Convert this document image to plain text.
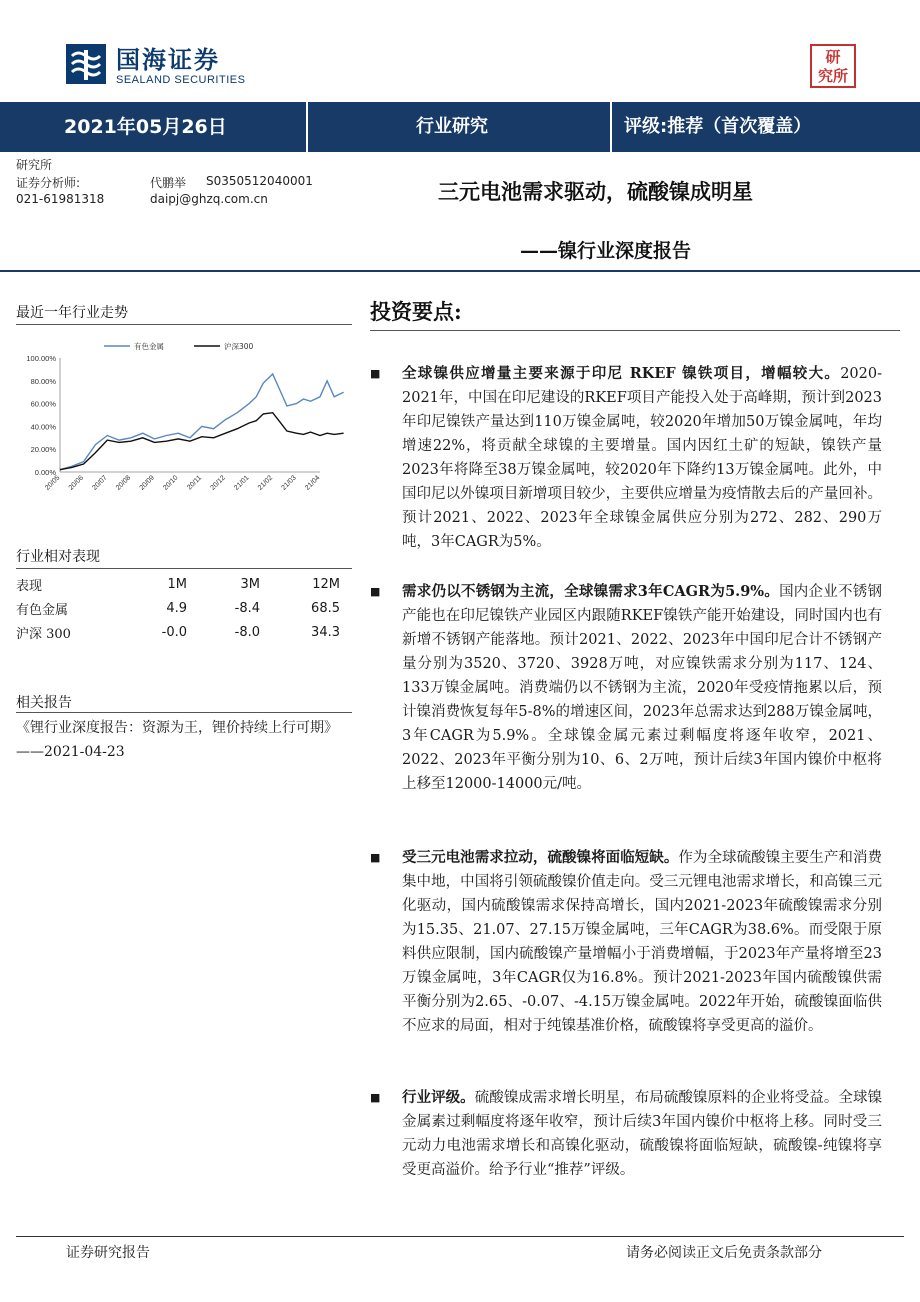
国海证券
SEALAND SECURITIES
研
究所
2021年05月26日	行业研究	评级:推荐（首次覆盖）
研究所
证券分析师:	代鹏举 S0350512040001
021-61981318	daipj@ghzq.com.cn	三元电池需求驱动，硫酸镍成明星
——镍行业深度报告
最近一年行业走势
100.00%
80.00%
60.00%
40.00%
20.00%
0.00%
20/05 20/06 20/07 20/08 20/09 20/10 20/11 20/12 21/01 21/02 21/03 21/04
有色金属	沪深300
行业相对表现
表现	1M	3M	12M
有色金属	4.9	-8.4	68.5
沪深 300	-0.0	-8.0	34.3
相关报告
《锂行业深度报告：资源为王，锂价持续上行可期》——2021-04-23
投资要点:
■ 全球镍供应增量主要来源于印尼 RKEF 镍铁项目，增幅较大。2020-2021年，中国在印尼建设的RKEF项目产能投入处于高峰期，预计到2023年印尼镍铁产量达到110万镍金属吨，较2020年增加50万镍金属吨，年均增速22%，将贡献全球镍的主要增量。国内因红土矿的短缺，镍铁产量2023年将降至38万镍金属吨，较2020年下降约13万镍金属吨。此外，中国印尼以外镍项目新增项目较少，主要供应增量为疫情散去后的产量回补。预计2021、2022、2023年全球镍金属供应分别为272、282、290万吨，3年CAGR为5%。
■ 需求仍以不锈钢为主流，全球镍需求3年CAGR为5.9%。国内企业不锈钢产能也在印尼镍铁产业园区内跟随RKEF镍铁产能开始建设，同时国内也有新增不锈钢产能落地。预计2021、2022、2023年中国印尼合计不锈钢产量分别为3520、3720、3928万吨，对应镍铁需求分别为117、124、133万镍金属吨。消费端仍以不锈钢为主流，2020年受疫情拖累以后，预计镍消费恢复每年5-8%的增速区间，2023年总需求达到288万镍金属吨，3年CAGR为5.9%。全球镍金属元素过剩幅度将逐年收窄，2021、2022、2023年平衡分别为10、6、2万吨，预计后续3年国内镍价中枢将上移至12000-14000元/吨。
■ 受三元电池需求拉动，硫酸镍将面临短缺。作为全球硫酸镍主要生产和消费集中地，中国将引领硫酸镍价值走向。受三元锂电池需求增长，和高镍三元化驱动，国内硫酸镍需求保持高增长，国内2021-2023年硫酸镍需求分别为15.35、21.07、27.15万镍金属吨，三年CAGR为38.6%。而受限于原料供应限制，国内硫酸镍产量增幅小于消费增幅，于2023年产量将增至23万镍金属吨，3年CAGR仅为16.8%。预计2021-2023年国内硫酸镍供需平衡分别为2.65、-0.07、-4.15万镍金属吨。2022年开始，硫酸镍面临供不应求的局面，相对于纯镍基准价格，硫酸镍将享受更高的溢价。
■ 行业评级。硫酸镍成需求增长明星，布局硫酸镍原料的企业将受益。全球镍金属素过剩幅度将逐年收窄，预计后续3年国内镍价中枢将上移。同时受三元动力电池需求增长和高镍化驱动，硫酸镍将面临短缺，硫酸镍-纯镍将享受更高溢价。给予行业“推荐”评级。
证券研究报告	请务必阅读正文后免责条款部分
